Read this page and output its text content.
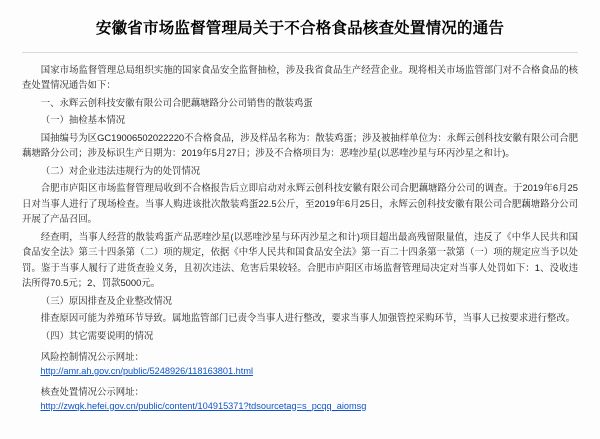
安徽省市场监督管理局关于不合格食品核查处置情况的通告

国家市场监督管理总局组织实施的国家食品安全监督抽检，涉及我省食品生产经营企业。现将相关市场监管部门对不合格食品的核查处置情况通告如下：

一、永辉云创科技安徽有限公司合肥藕塘路分公司销售的散装鸡蛋

（一）抽检基本情况

国抽编号为区GC19006502022220不合格食品，涉及样品名称为：散装鸡蛋；涉及被抽样单位为：永辉云创科技安徽有限公司合肥藕塘路分公司；涉及标识生产日期为：2019年5月27日；涉及不合格项目为：恶喹沙星(以恶喹沙星与环丙沙星之和计)。

（二）对企业违法违规行为的处罚情况

合肥市庐阳区市场监督管理局收到不合格报告后立即启动对永辉云创科技安徽有限公司合肥藕塘路分公司的调查。于2019年6月25日对当事人进行了现场检查。当事人购进该批次散装鸡蛋22.5公斤，至2019年6月25日，永辉云创科技安徽有限公司合肥藕塘路分公司开展了产品召回。

经查明，当事人经营的散装鸡蛋产品恶喹沙星(以恶喹沙星与环丙沙星之和计)项目超出最高残留限量值，违反了《中华人民共和国食品安全法》第三十四条第（二）项的规定，依据《中华人民共和国食品安全法》第一百二十四条第一款第（一）项的规定应当予以处罚。鉴于当事人履行了进货查验义务，且初次违法、危害后果较轻。合肥市庐阳区市场监督管理局决定对当事人处罚如下：1、没收违法所得70.5元；2、罚款5000元。

（三）原因排查及企业整改情况

排查原因可能为养殖环节导致。属地监管部门已责令当事人进行整改，要求当事人加强管控采购环节，当事人已按要求进行整改。

（四）其它需要说明的情况

风险控制情况公示网址：

http://amr.ah.gov.cn/public/5248926/118163801.html

核查处置情况公示网址：

http://zwqk.hefei.gov.cn/public/content/104915371?tdsourcetag=s_pcqq_aiomsg
